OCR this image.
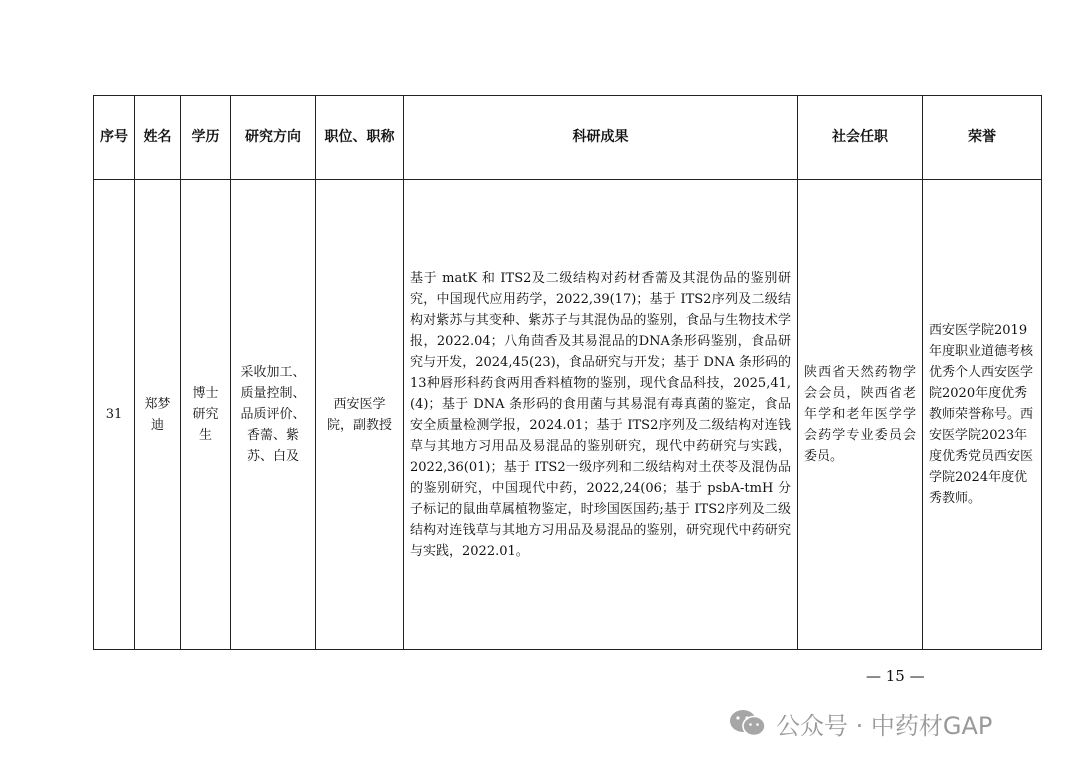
序号	姓名	学历	研究方向	职位、职称	科研成果	社会任职	荣誉
31	郑梦迪	博士研究生	采收加工、质量控制、品质评价、香薷、紫苏、白及	西安医学院，副教授	基于 matK 和 ITS2及二级结构对药材香薷及其混伪品的鉴别研究，中国现代应用药学，2022,39(17)；基于 ITS2序列及二级结构对紫苏与其变种、紫苏子与其混伪品的鉴别，食品与生物技术学报，2022.04；八角茴香及其易混品的DNA条形码鉴别，食品研究与开发，2024,45(23)，食品研究与开发；基于 DNA 条形码的13种唇形科药食两用香料植物的鉴别，现代食品科技，2025,41,(4)；基于 DNA 条形码的食用菌与其易混有毒真菌的鉴定，食品安全质量检测学报，2024.01；基于 ITS2序列及二级结构对连钱草与其地方习用品及易混品的鉴别研究，现代中药研究与实践，2022,36(01)；基于 ITS2一级序列和二级结构对土茯苓及混伪品的鉴别研究，中国现代中药，2022,24(06；基于 psbA-tmH 分子标记的鼠曲草属植物鉴定，时珍国医国药;基于 ITS2序列及二级结构对连钱草与其地方习用品及易混品的鉴别，研究现代中药研究与实践，2022.01。	陕西省天然药物学会会员，陕西省老年学和老年医学学会药学专业委员会委员。	西安医学院2019年度职业道德考核优秀个人西安医学院2020年度优秀教师荣誉称号。西安医学院2023年度优秀党员西安医学院2024年度优秀教师。
— 15 —
公众号 · 中药材GAP
